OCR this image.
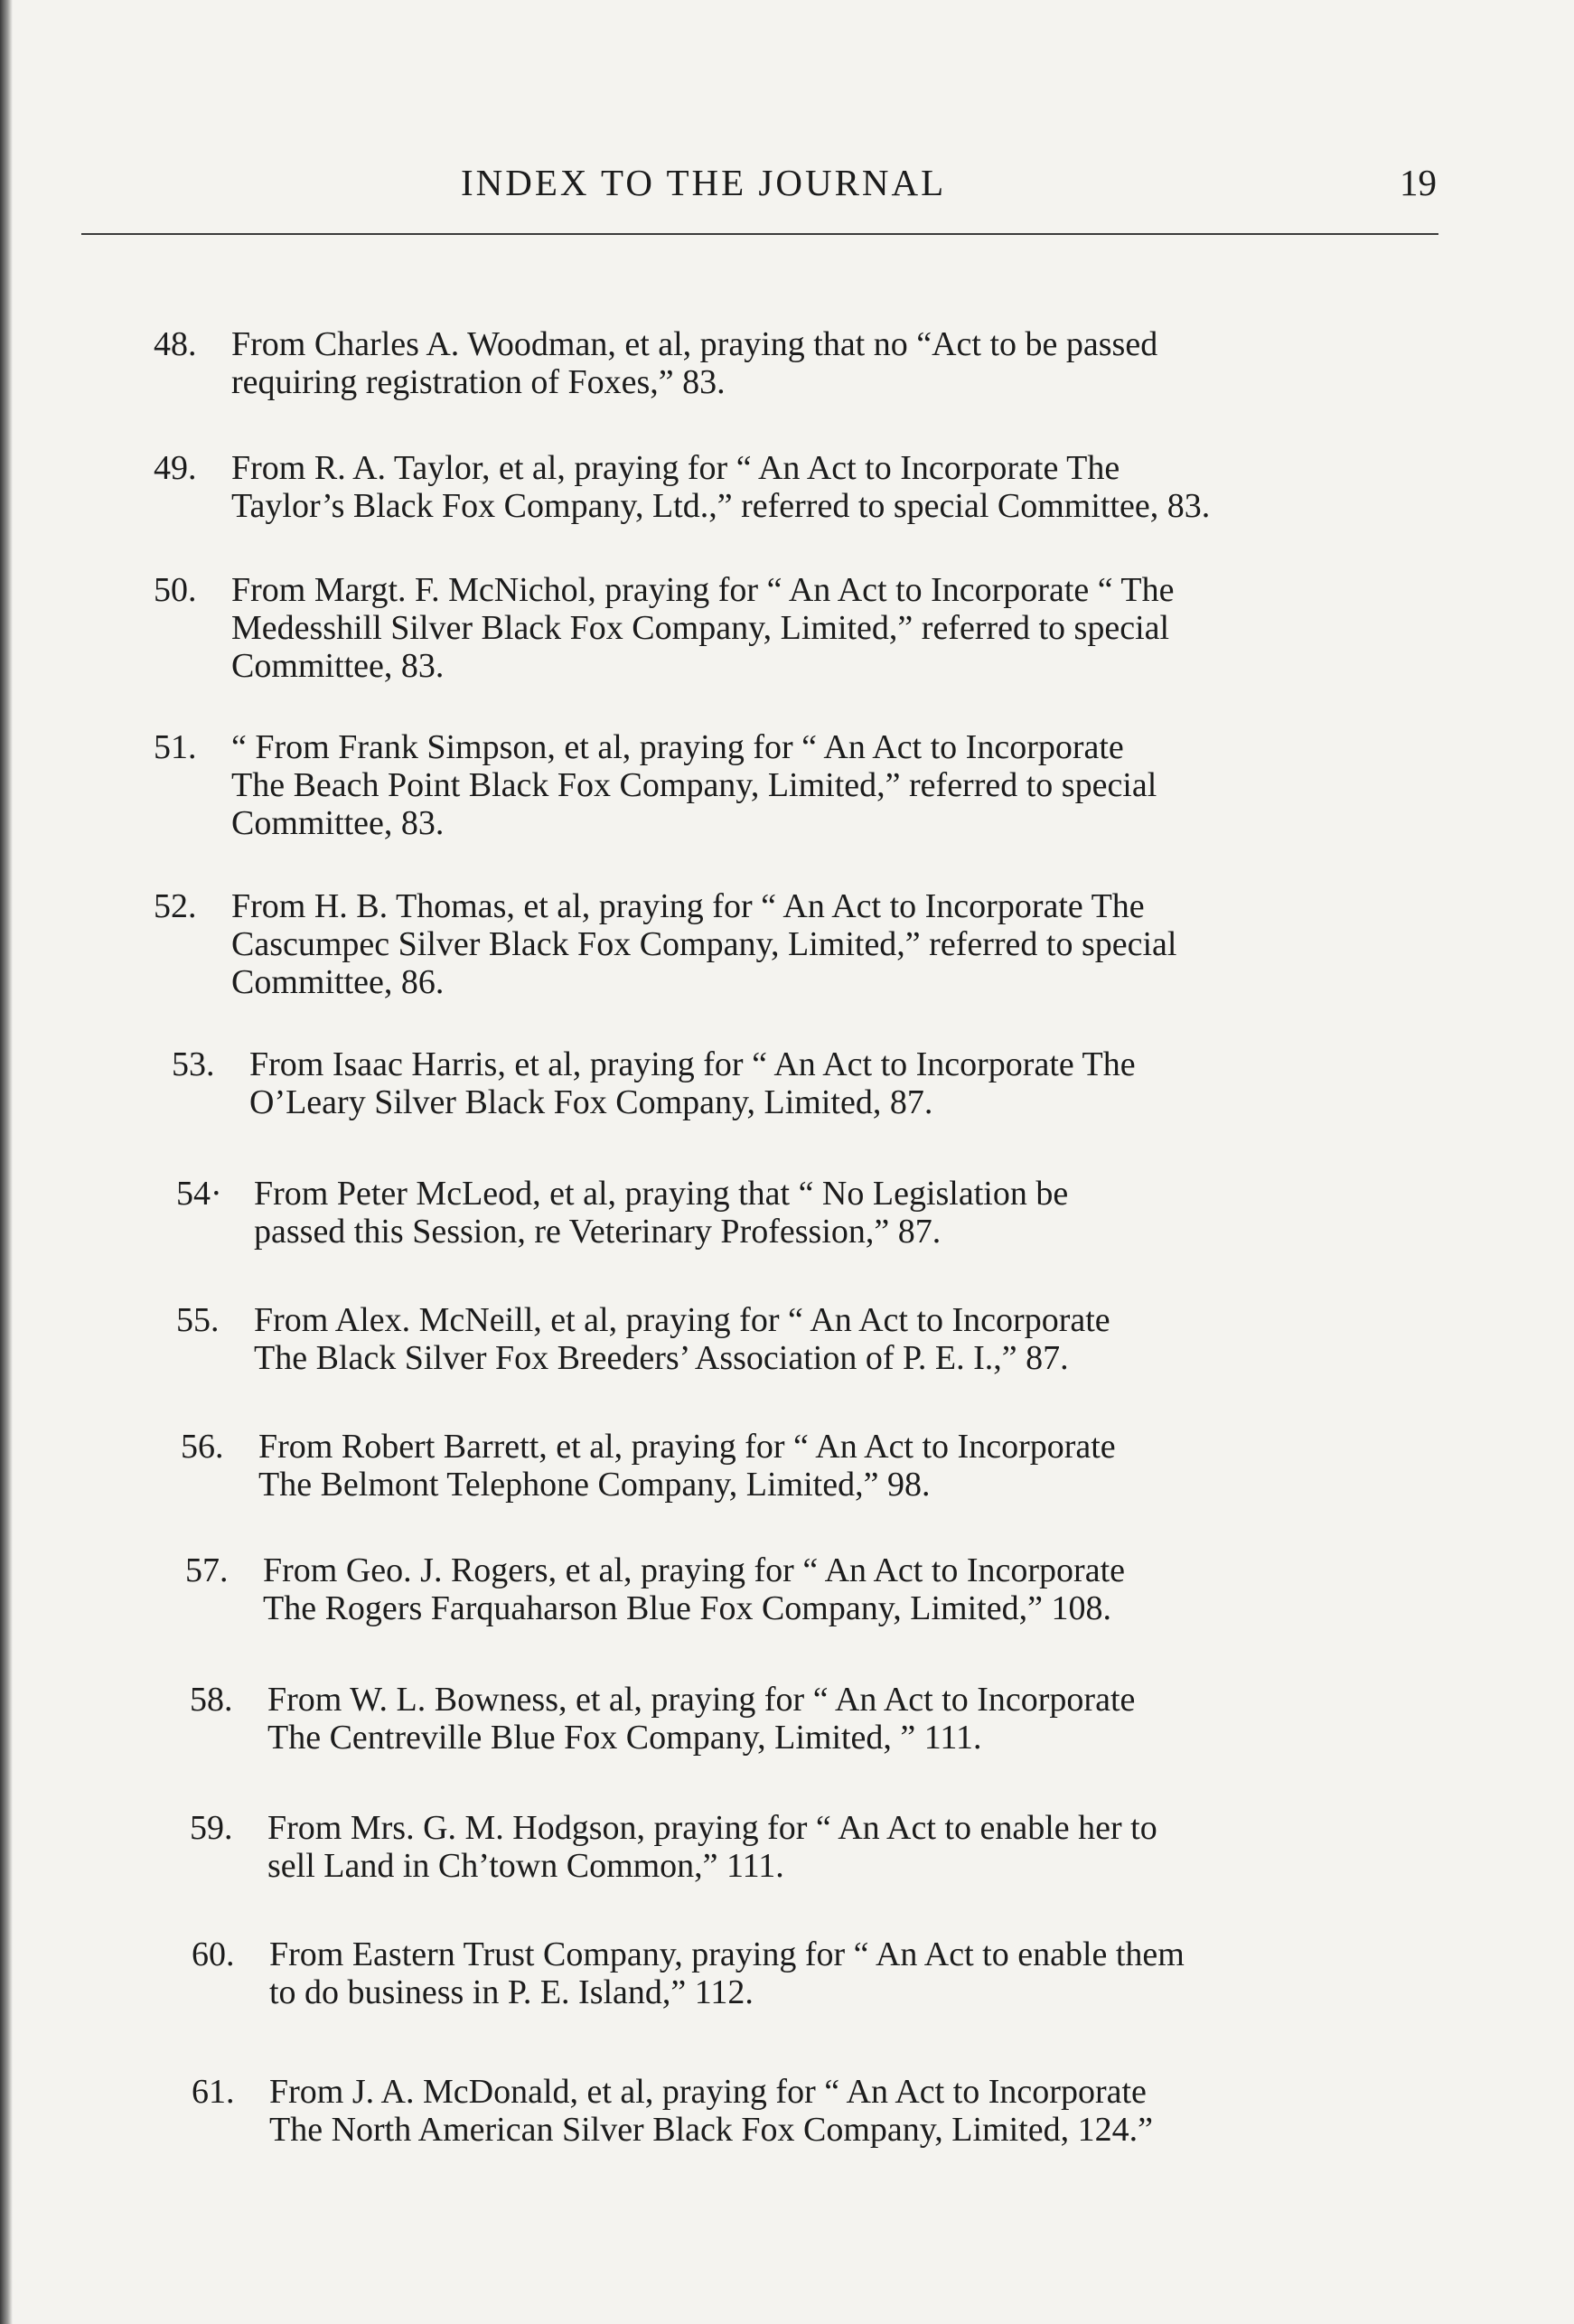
INDEX TO THE JOURNAL	19
48. From Charles A. Woodman, et al, praying that no “Act to be passed
requiring registration of Foxes,” 83.
49. From R. A. Taylor, et al, praying for “ An Act to Incorporate The
Taylor’s Black Fox Company, Ltd.,” referred to special Committee, 83.
50. From Margt. F. McNichol, praying for “ An Act to Incorporate “ The
Medesshill Silver Black Fox Company, Limited,” referred to special
Committee, 83.
51. “ From Frank Simpson, et al, praying for “ An Act to Incorporate
The Beach Point Black Fox Company, Limited,” referred to special
Committee, 83.
52. From H. B. Thomas, et al, praying for “ An Act to Incorporate The
Cascumpec Silver Black Fox Company, Limited,” referred to special
Committee, 86.
53. From Isaac Harris, et al, praying for “ An Act to Incorporate The
O’Leary Silver Black Fox Company, Limited, 87.
54· From Peter McLeod, et al, praying that “ No Legislation be
passed this Session, re Veterinary Profession,” 87.
55. From Alex. McNeill, et al, praying for “ An Act to Incorporate
The Black Silver Fox Breeders’ Association of P. E. I.,” 87.
56. From Robert Barrett, et al, praying for “ An Act to Incorporate
The Belmont Telephone Company, Limited,” 98.
57. From Geo. J. Rogers, et al, praying for “ An Act to Incorporate
The Rogers Farquaharson Blue Fox Company, Limited,” 108.
58. From W. L. Bowness, et al, praying for “ An Act to Incorporate
The Centreville Blue Fox Company, Limited, ” 111.
59. From Mrs. G. M. Hodgson, praying for “ An Act to enable her to
sell Land in Ch’town Common,” 111.
60. From Eastern Trust Company, praying for “ An Act to enable them
to do business in P. E. Island,” 112.
61. From J. A. McDonald, et al, praying for “ An Act to Incorporate
The North American Silver Black Fox Company, Limited, 124.”
